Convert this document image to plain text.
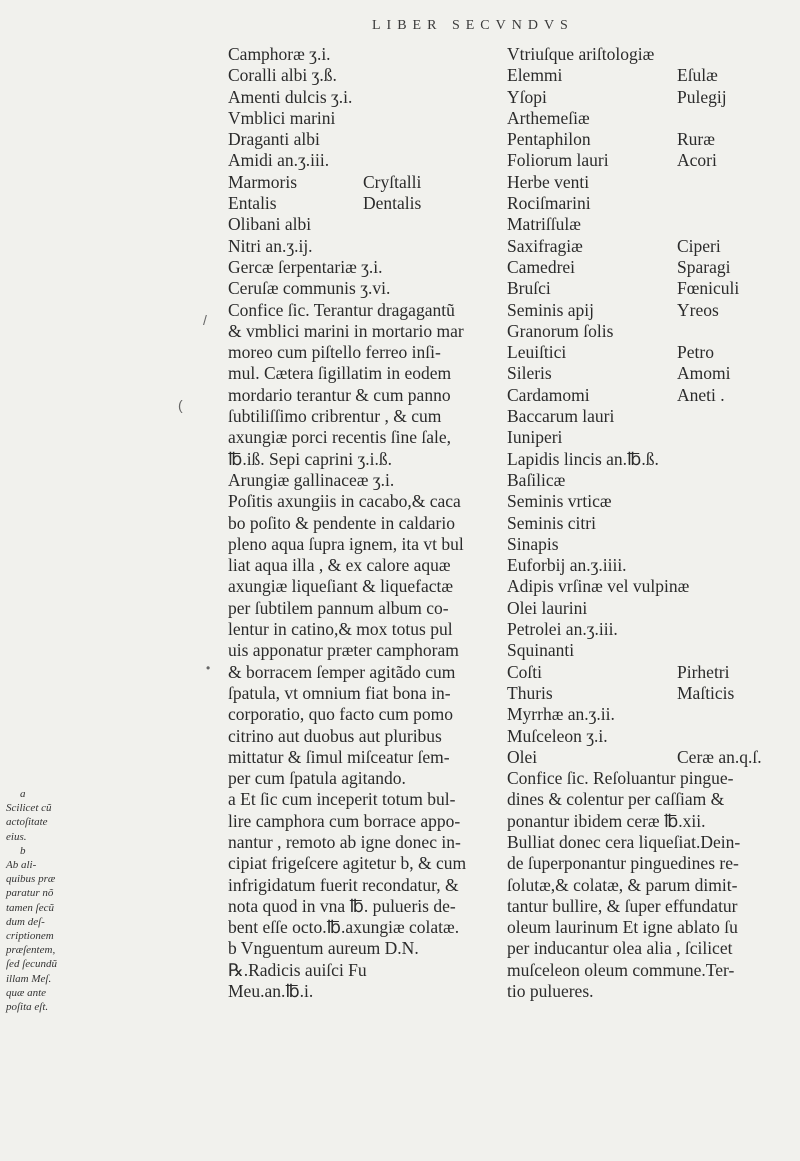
LIBER SECVNDVS
Camphoræ ʒ.i.
Coralli albi ʒ.ß.
Amenti dulcis ʒ.i.
Vmblici marini
Draganti albi
Amidi an.ʒ.iii.
Marmoris	Cryſtalli
Entalis	Dentalis
Olibani albi
Nitri an.ʒ.ij.
Gercæ ſerpentariæ ʒ.i.
Ceruſæ communis ʒ.vi.
Confice ſic. Terantur dragagantũ
& vmblici marini in mortario mar
moreo cum piſtello ferreo inſi-
mul. Cætera ſigillatim in eodem
mordario terantur & cum panno
ſubtiliſſimo cribrentur , & cum
axungiæ porci recentis ſine ſale,
℔.iß. Sepi caprini ʒ.i.ß.
Arungiæ gallinaceæ ʒ.i.
Poſitis axungiis in cacabo,& caca
bo poſito & pendente in caldario
pleno aqua ſupra ignem, ita vt bul
liat aqua illa , & ex calore aquæ
axungiæ liqueſiant & liquefactæ
per ſubtilem pannum album co-
lentur in catino,& mox totus pul
uis apponatur præter camphoram
& borracem ſemper agitãdo cum
ſpatula, vt omnium fiat bona in-
corporatio, quo facto cum pomo
citrino aut duobus aut pluribus
mittatur & ſimul miſceatur ſem-
per cum ſpatula agitando.
a Et ſic cum inceperit totum bul-
lire camphora cum borrace appo-
nantur , remoto ab igne donec in-
cipiat frigeſcere agitetur b, & cum
infrigidatum fuerit recondatur, &
nota quod in vna ℔. pulueris de-
bent eſſe octo.℔.axungiæ colatæ.
b Vnguentum aureum D.N.
℞.Radicis auiſci Fu
Meu.an.℔.i.
Vtriuſque ariſtologiæ
Elemmi	Eſulæ
Yſopi	Pulegij
Arthemeſiæ
Pentaphilon	Ruræ
Foliorum lauri	Acori
Herbe venti
Rociſmarini
Matriſſulæ
Saxifragiæ	Ciperi
Camedrei	Sparagi
Bruſci	Fœniculi
Seminis apij	Yreos
Granorum ſolis
Leuiſtici	Petro
Sileris	Amomi
Cardamomi	Aneti .
Baccarum lauri
Iuniperi
Lapidis lincis an.℔.ß.
Baſilicæ
Seminis vrticæ
Seminis citri
Sinapis
Euforbij an.ʒ.iiii.
Adipis vrſinæ vel vulpinæ
Olei laurini
Petrolei an.ʒ.iii.
Squinanti
Coſti	Pirhetri
Thuris	Maſticis
Myrrhæ an.ʒ.ii.
Muſceleon ʒ.i.
Olei	Ceræ an.q.ſ.
Confice ſic. Reſoluantur pingue-
dines & colentur per caſſiam &
ponantur ibidem ceræ ℔.xii.
Bulliat donec cera liqueſiat.Dein-
de ſuperponantur pinguedines re-
ſolutæ,& colatæ, & parum dimit-
tantur bullire, & ſuper effundatur
oleum laurinum Et igne ablato ſu
per inducantur olea alia , ſcilicet
muſceleon oleum commune.Ter-
tio pulueres.
a
Scilicet cũ
actoſitate
eius.
b
Ab ali-
quibus præ
paratur nõ
tamen ſecũ
dum deſ-
criptionem
præſentem,
ſed ſecundũ
illam Meſ.
quæ ante
poſita eſt.
/
(
•
